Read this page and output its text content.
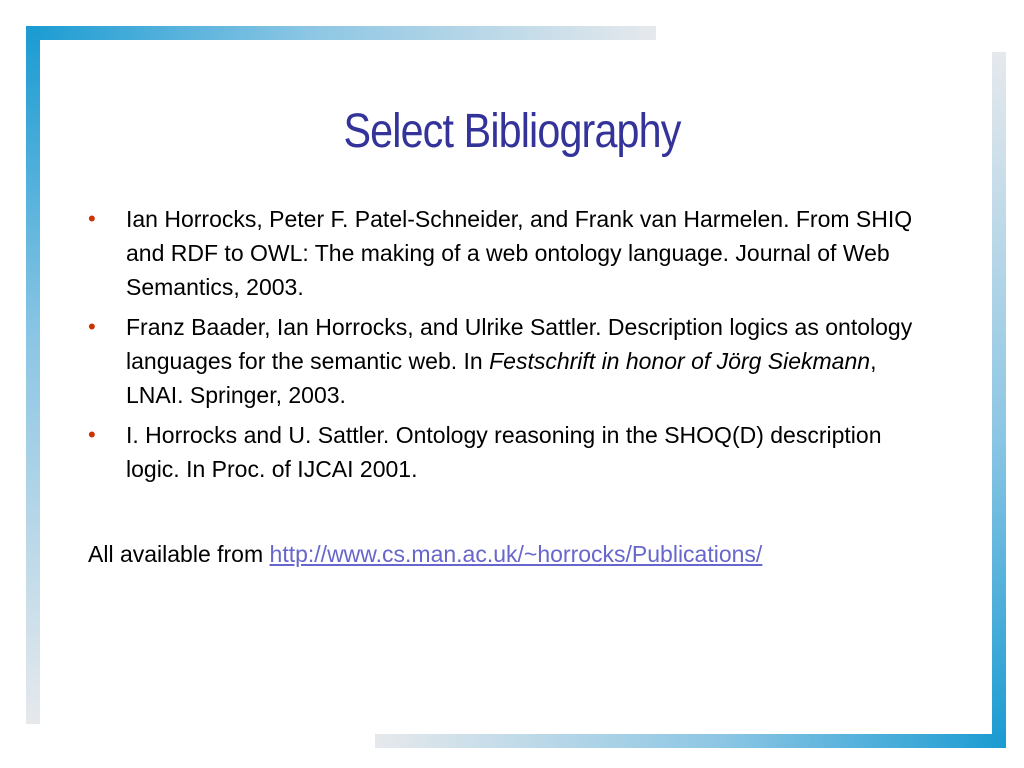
Select Bibliography
• Ian Horrocks, Peter F. Patel-Schneider, and Frank van Harmelen. From SHIQ and RDF to OWL: The making of a web ontology language. Journal of Web Semantics, 2003.
• Franz Baader, Ian Horrocks, and Ulrike Sattler. Description logics as ontology languages for the semantic web. In Festschrift in honor of Jörg Siekmann, LNAI. Springer, 2003.
• I. Horrocks and U. Sattler. Ontology reasoning in the SHOQ(D) description logic. In Proc. of IJCAI 2001.
All available from http://www.cs.man.ac.uk/~horrocks/Publications/
